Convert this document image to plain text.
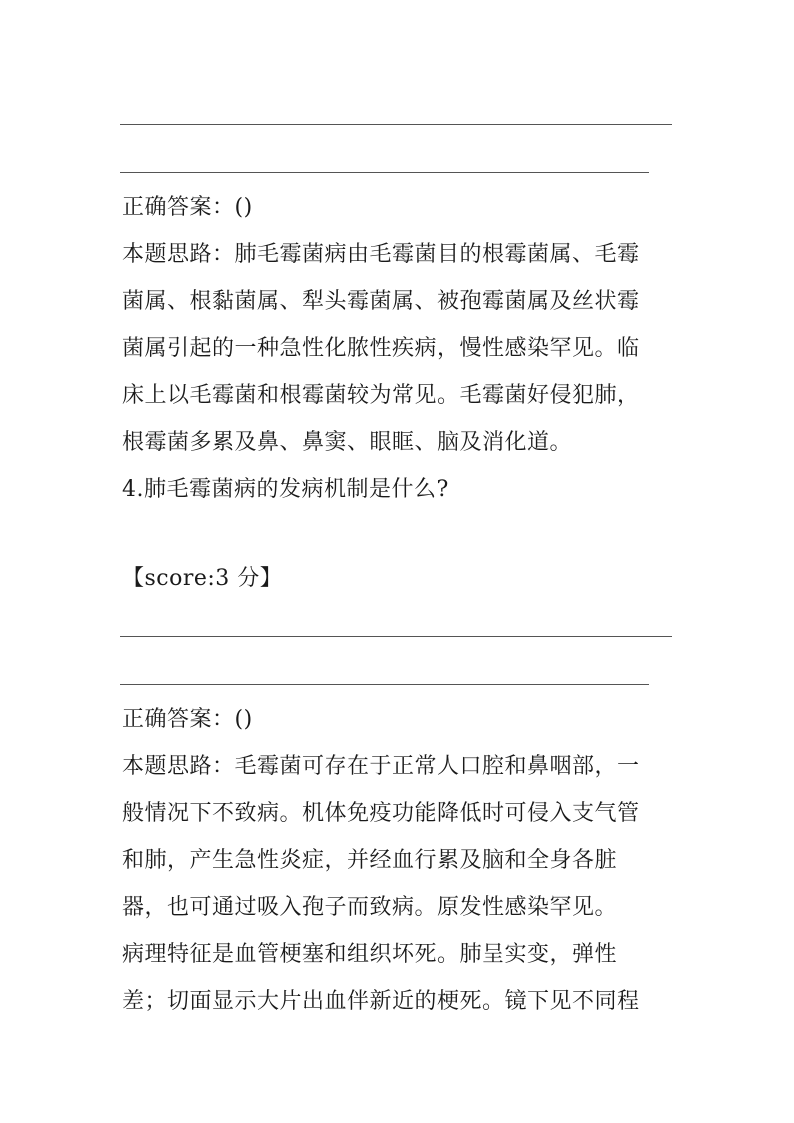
正确答案：()
本题思路：肺毛霉菌病由毛霉菌目的根霉菌属、毛霉
菌属、根黏菌属、犁头霉菌属、被孢霉菌属及丝状霉
菌属引起的一种急性化脓性疾病，慢性感染罕见。临
床上以毛霉菌和根霉菌较为常见。毛霉菌好侵犯肺，
根霉菌多累及鼻、鼻窦、眼眶、脑及消化道。
4.肺毛霉菌病的发病机制是什么?
【score:3 分】
正确答案：()
本题思路：毛霉菌可存在于正常人口腔和鼻咽部，一
般情况下不致病。机体免疫功能降低时可侵入支气管
和肺，产生急性炎症，并经血行累及脑和全身各脏
器，也可通过吸入孢子而致病。原发性感染罕见。
病理特征是血管梗塞和组织坏死。肺呈实变，弹性
差；切面显示大片出血伴新近的梗死。镜下见不同程
